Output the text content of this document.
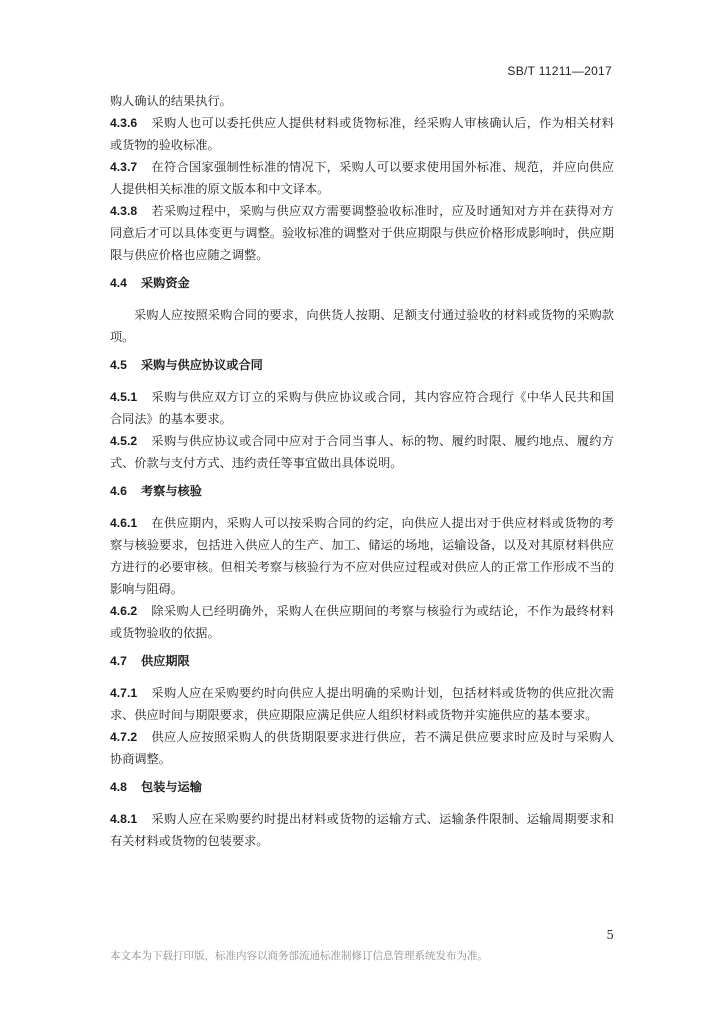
SB/T 11211—2017

购人确认的结果执行。

4.3.6 采购人也可以委托供应人提供材料或货物标准，经采购人审核确认后，作为相关材料或货物的验收标准。

4.3.7 在符合国家强制性标准的情况下，采购人可以要求使用国外标准、规范，并应向供应人提供相关标准的原文版本和中文译本。

4.3.8 若采购过程中，采购与供应双方需要调整验收标准时，应及时通知对方并在获得对方同意后才可以具体变更与调整。验收标准的调整对于供应期限与供应价格形成影响时，供应期限与供应价格也应随之调整。

4.4 采购资金

采购人应按照采购合同的要求，向供货人按期、足额支付通过验收的材料或货物的采购款项。

4.5 采购与供应协议或合同

4.5.1 采购与供应双方订立的采购与供应协议或合同，其内容应符合现行《中华人民共和国合同法》的基本要求。

4.5.2 采购与供应协议或合同中应对于合同当事人、标的物、履约时限、履约地点、履约方式、价款与支付方式、违约责任等事宜做出具体说明。

4.6 考察与核验

4.6.1 在供应期内，采购人可以按采购合同的约定，向供应人提出对于供应材料或货物的考察与核验要求，包括进入供应人的生产、加工、储运的场地，运输设备，以及对其原材料供应方进行的必要审核。但相关考察与核验行为不应对供应过程或对供应人的正常工作形成不当的影响与阻碍。

4.6.2 除采购人已经明确外，采购人在供应期间的考察与核验行为或结论，不作为最终材料或货物验收的依据。

4.7 供应期限

4.7.1 采购人应在采购要约时向供应人提出明确的采购计划，包括材料或货物的供应批次需求、供应时间与期限要求，供应期限应满足供应人组织材料或货物并实施供应的基本要求。

4.7.2 供应人应按照采购人的供货期限要求进行供应，若不满足供应要求时应及时与采购人协商调整。

4.8 包装与运输

4.8.1 采购人应在采购要约时提出材料或货物的运输方式、运输条件限制、运输周期要求和有关材料或货物的包装要求。

5
本文本为下载打印版，标准内容以商务部流通标准制修订信息管理系统发布为准。
